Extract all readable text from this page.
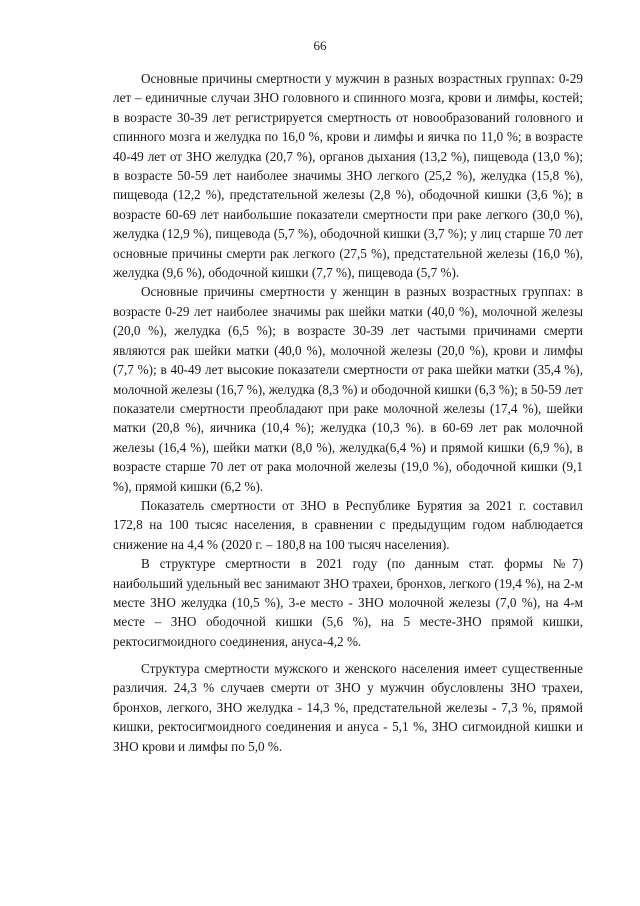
66

Основные причины смертности у мужчин в разных возрастных группах: 0-29 лет – единичные случаи ЗНО головного и спинного мозга, крови и лимфы, костей; в возрасте 30-39 лет регистрируется смертность от новообразований головного и спинного мозга и желудка по 16,0 %, крови и лимфы и яичка по 11,0 %; в возрасте 40-49 лет от ЗНО желудка (20,7 %), органов дыхания (13,2 %), пищевода (13,0 %); в возрасте 50-59 лет наиболее значимы ЗНО легкого (25,2 %), желудка (15,8 %), пищевода (12,2 %), предстательной железы (2,8 %), ободочной кишки (3,6 %); в возрасте 60-69 лет наибольшие показатели смертности при раке легкого (30,0 %), желудка (12,9 %), пищевода (5,7 %), ободочной кишки (3,7 %); у лиц старше 70 лет основные причины смерти рак легкого (27,5 %), предстательной железы (16,0 %), желудка (9,6 %), ободочной кишки (7,7 %), пищевода (5,7 %).

Основные причины смертности у женщин в разных возрастных группах: в возрасте 0-29 лет наиболее значимы рак шейки матки (40,0 %), молочной железы (20,0 %), желудка (6,5 %); в возрасте 30-39 лет частыми причинами смерти являются рак шейки матки (40,0 %), молочной железы (20,0 %), крови и лимфы (7,7 %); в 40-49 лет высокие показатели смертности от рака шейки матки (35,4 %), молочной железы (16,7 %), желудка (8,3 %) и ободочной кишки (6,3 %); в 50-59 лет показатели смертности преобладают при раке молочной железы (17,4 %), шейки матки (20,8 %), яичника (10,4 %); желудка (10,3 %). в 60-69 лет рак молочной железы (16,4 %), шейки матки (8,0 %), желудка(6,4 %) и прямой кишки (6,9 %), в возрасте старше 70 лет от рака молочной железы (19,0 %), ободочной кишки (9,1 %), прямой кишки (6,2 %).

Показатель смертности от ЗНО в Республике Бурятия за 2021 г. составил 172,8 на 100 тысяс населения, в сравнении с предыдущим годом наблюдается снижение на 4,4 % (2020 г. – 180,8 на 100 тысяч населения).

В структуре смертности в 2021 году (по данным стат. формы №7) наибольший удельный вес занимают ЗНО трахеи, бронхов, легкого (19,4 %), на 2-м месте ЗНО желудка (10,5 %), 3-е место - ЗНО молочной железы (7,0 %), на 4-м месте – ЗНО ободочной кишки (5,6 %), на 5 месте-ЗНО прямой кишки, ректосигмоидного соединения, ануса-4,2 %.

Структура смертности мужского и женского населения имеет существенные различия. 24,3 % случаев смерти от ЗНО у мужчин обусловлены ЗНО трахеи, бронхов, легкого, ЗНО желудка - 14,3 %, предстательной железы - 7,3 %, прямой кишки, ректосигмоидного соединения и ануса - 5,1 %, ЗНО сигмоидной кишки и ЗНО крови и лимфы по 5,0 %.
